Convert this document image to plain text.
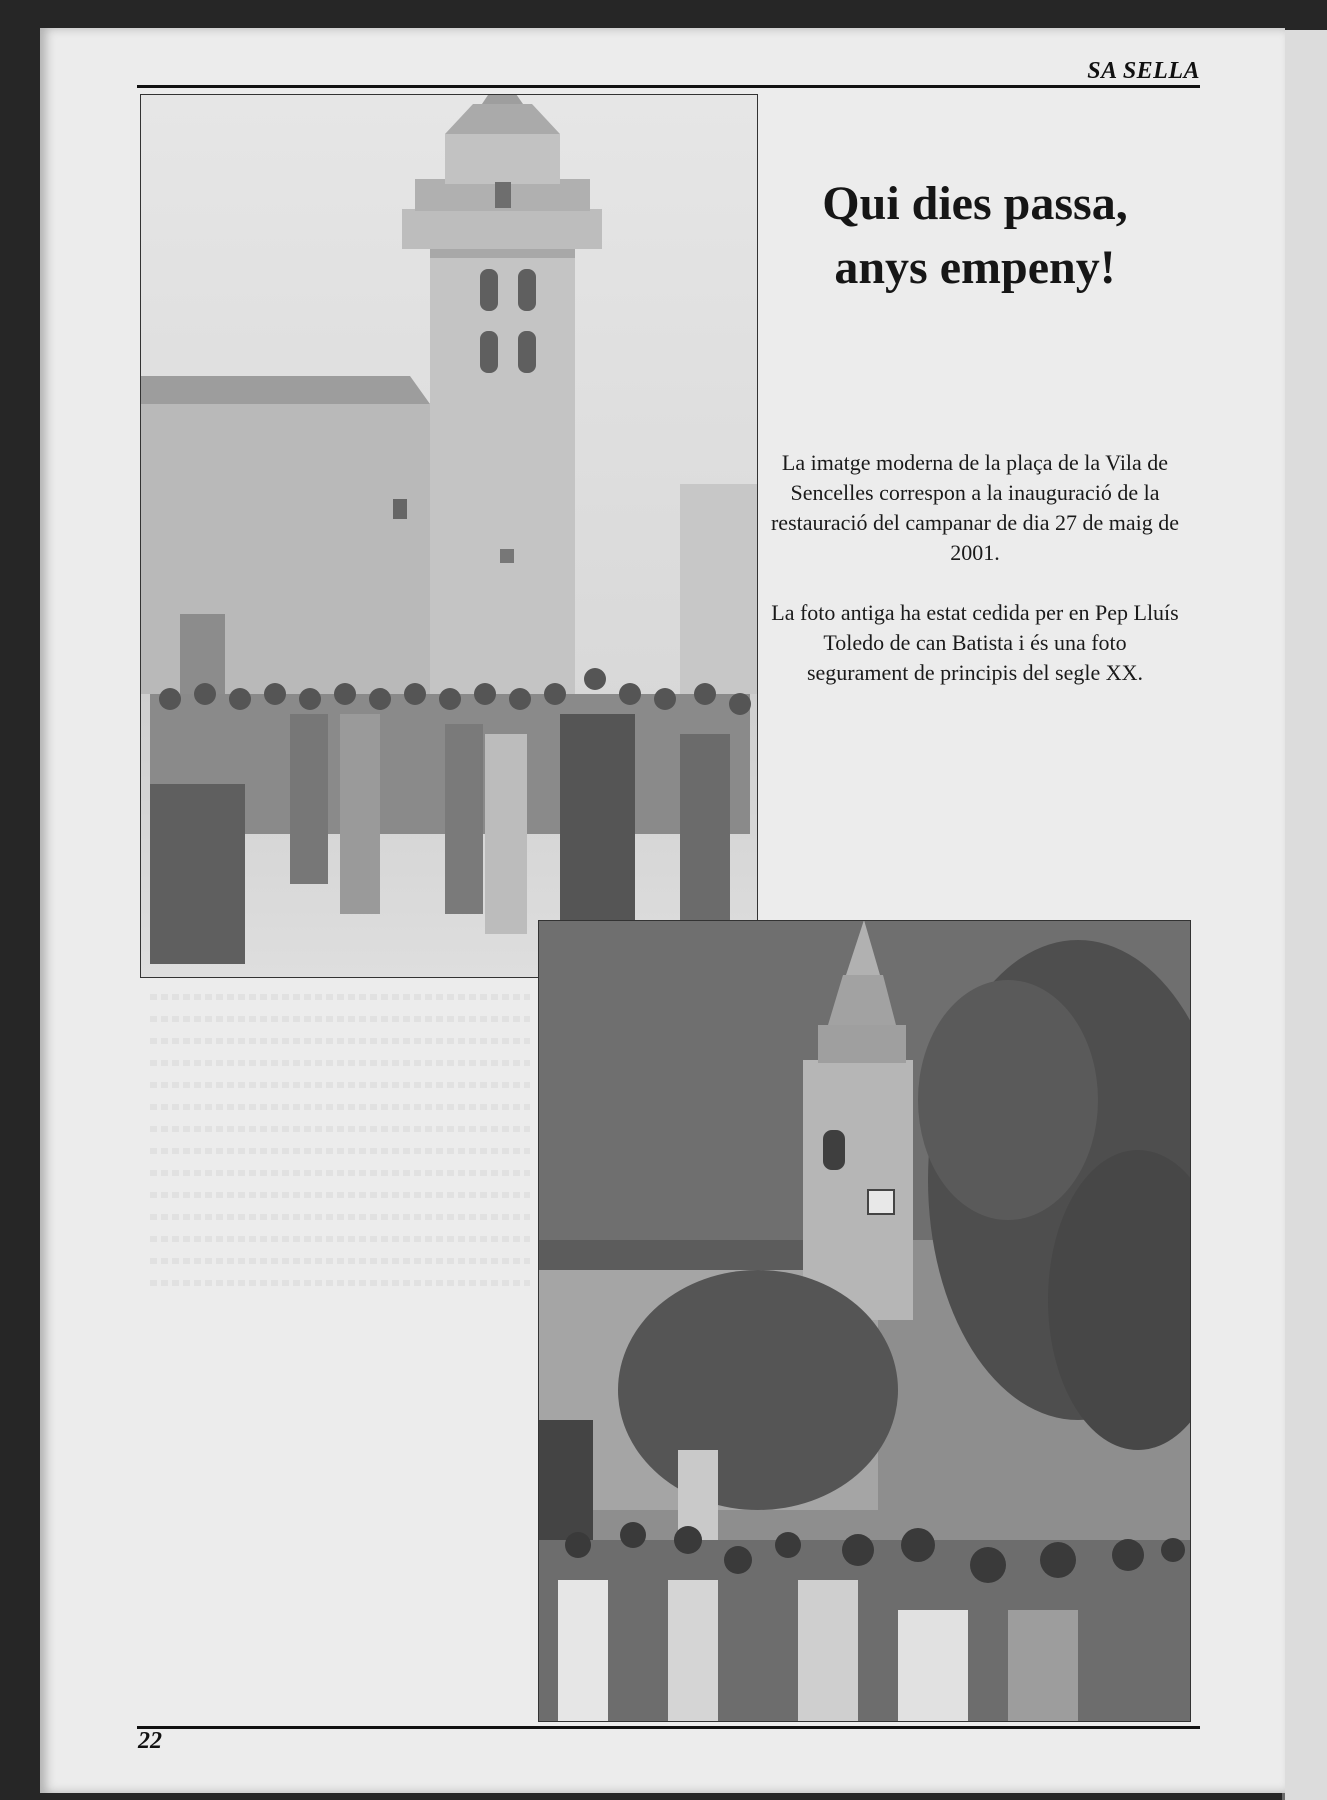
SA SELLA
Qui dies passa,
anys empeny!

La imatge moderna de la plaça de la Vila de Sencelles correspon a la inauguració de la restauració del campanar de dia 27 de maig de 2001.

La foto antiga ha estat cedida per en Pep Lluís Toledo de can Batista i és una foto segurament de principis del segle XX.

22
